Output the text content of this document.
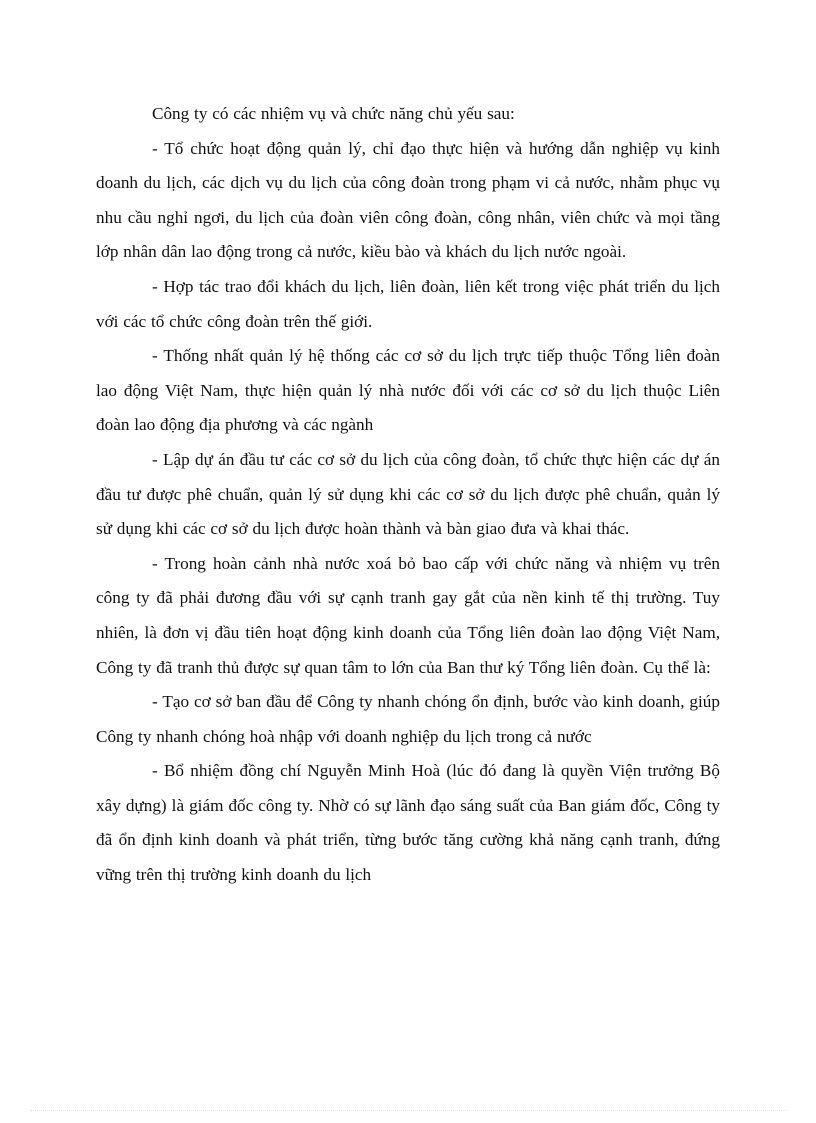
Công ty có các nhiệm vụ và chức năng chủ yếu sau:

- Tổ chức hoạt động quản lý, chỉ đạo thực hiện và hướng dẫn nghiệp vụ kinh doanh du lịch, các dịch vụ du lịch của công đoàn trong phạm vi cả nước, nhằm phục vụ nhu cầu nghỉ ngơi, du lịch của đoàn viên công đoàn, công nhân, viên chức và mọi tầng lớp nhân dân lao động trong cả nước, kiều bào và khách du lịch nước ngoài.

- Hợp tác trao đổi khách du lịch, liên đoàn, liên kết trong việc phát triển du lịch với các tổ chức công đoàn trên thế giới.

- Thống nhất quản lý hệ thống các cơ sở du lịch trực tiếp thuộc Tổng liên đoàn lao động Việt Nam, thực hiện quản lý nhà nước đối với các cơ sở du lịch thuộc Liên đoàn lao động địa phương và các ngành

- Lập dự án đầu tư các cơ sở du lịch của công đoàn, tổ chức thực hiện các dự án đầu tư được phê chuẩn, quản lý sử dụng khi các cơ sở du lịch được phê chuẩn, quản lý sử dụng khi các cơ sở du lịch được hoàn thành và bàn giao đưa và khai thác.

- Trong hoàn cảnh nhà nước xoá bỏ bao cấp với chức năng và nhiệm vụ trên công ty đã phải đương đầu với sự cạnh tranh gay gắt của nền kinh tế thị trường. Tuy nhiên, là đơn vị đầu tiên hoạt động kinh doanh của Tổng liên đoàn lao động Việt Nam, Công ty đã tranh thủ được sự quan tâm to lớn của Ban thư ký Tổng liên đoàn. Cụ thể là:

- Tạo cơ sở ban đầu để Công ty nhanh chóng ổn định, bước vào kinh doanh, giúp Công ty nhanh chóng hoà nhập với doanh nghiệp du lịch trong cả nước

- Bổ nhiệm đồng chí Nguyễn Minh Hoà (lúc đó đang là quyền Viện trưởng Bộ xây dựng) là giám đốc công ty. Nhờ có sự lãnh đạo sáng suất của Ban giám đốc, Công ty đã ổn định kinh doanh và phát triển, từng bước tăng cường khả năng cạnh tranh, đứng vững trên thị trường kinh doanh du lịch
